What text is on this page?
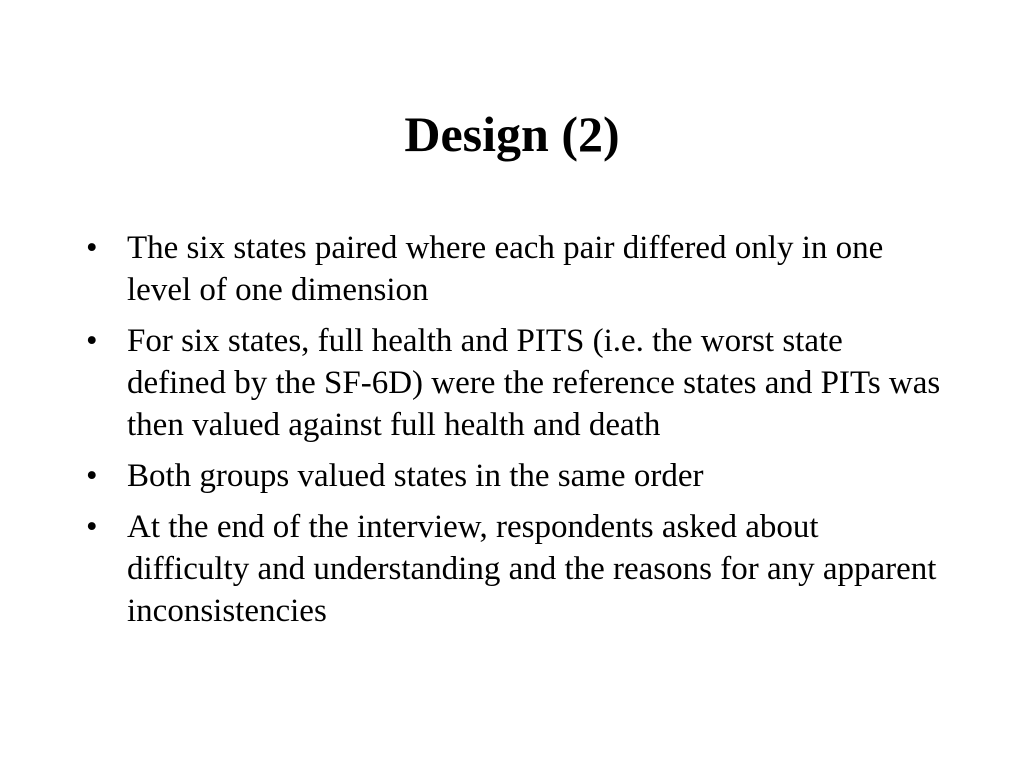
Design (2)
• The six states paired where each pair differed only in one level of one dimension
• For six states, full health and PITS (i.e. the worst state defined by the SF-6D) were the reference states and PITs was then valued against full health and death
• Both groups valued states in the same order
• At the end of the interview, respondents asked about difficulty and understanding and the reasons for any apparent inconsistencies
